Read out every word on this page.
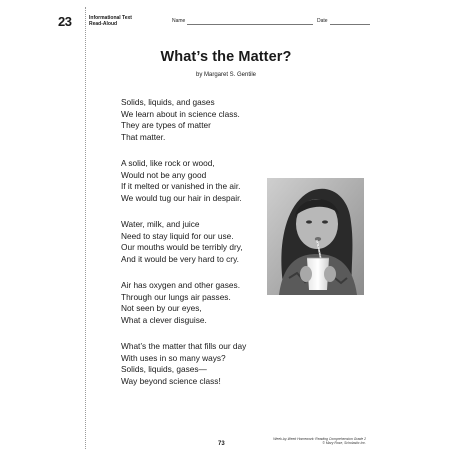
23	Informational Text
Read-Aloud	Name	Date
What’s the Matter?
by Margaret S. Gentile
Solids, liquids, and gases
We learn about in science class.
They are types of matter
That matter.
A solid, like rock or wood,
Would not be any good
If it melted or vanished in the air.
We would tug our hair in despair.
Water, milk, and juice
Need to stay liquid for our use.
Our mouths would be terribly dry,
And it would be very hard to cry.
Air has oxygen and other gases.
Through our lungs air passes.
Not seen by our eyes,
What a clever disguise.
What’s the matter that fills our day
With uses in so many ways?
Solids, liquids, gases—
Way beyond science class!
73
Week-by-Week Homework: Reading Comprehension Grade 2
© Mary Rose, Scholastic Inc.
